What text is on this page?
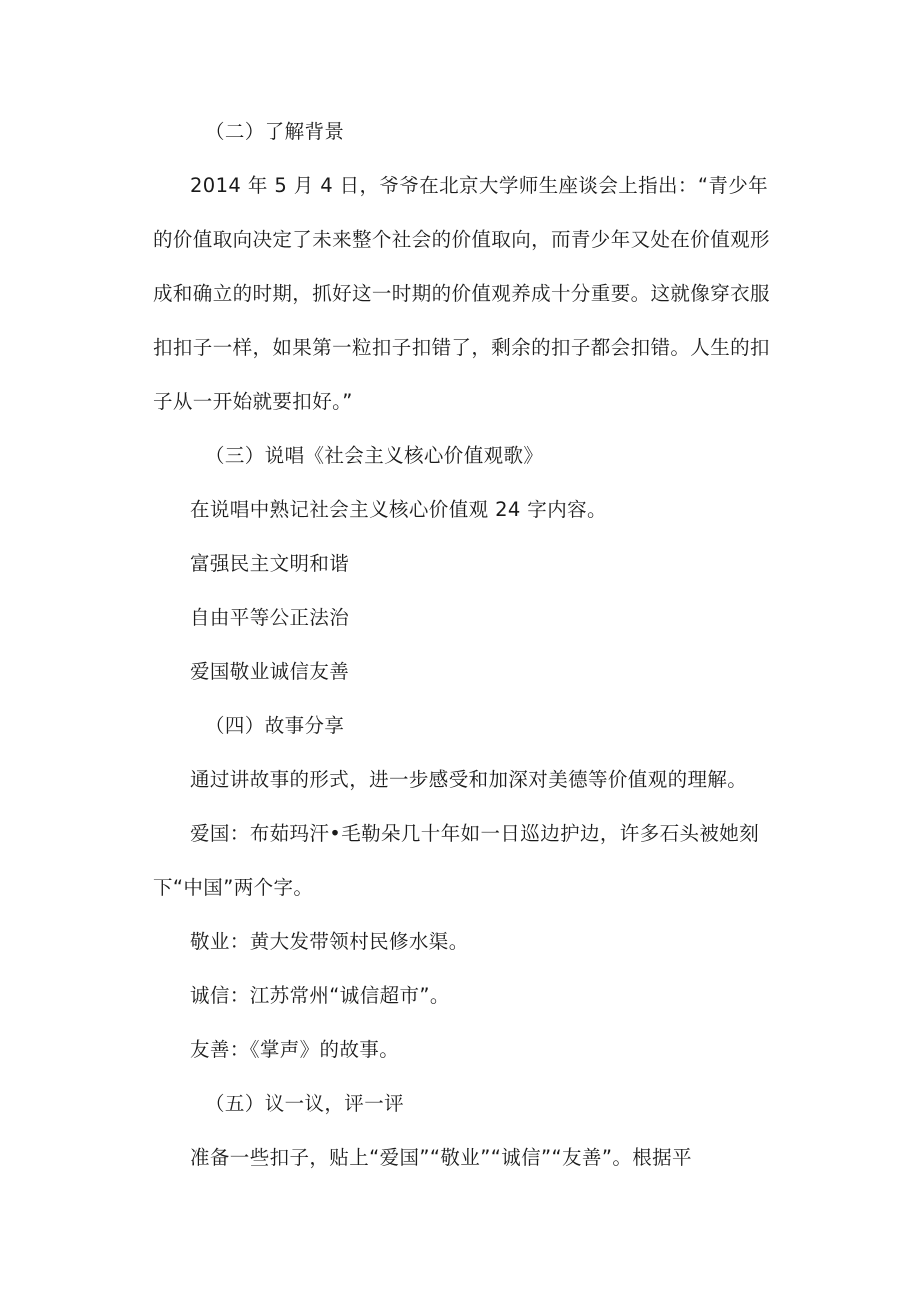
（二）了解背景
2014 年 5 月 4 日，爷爷在北京大学师生座谈会上指出：“青少年
的价值取向决定了未来整个社会的价值取向，而青少年又处在价值观形
成和确立的时期，抓好这一时期的价值观养成十分重要。这就像穿衣服
扣扣子一样，如果第一粒扣子扣错了，剩余的扣子都会扣错。人生的扣
子从一开始就要扣好。”
（三）说唱《社会主义核心价值观歌》
在说唱中熟记社会主义核心价值观 24 字内容。
富强民主文明和谐
自由平等公正法治
爱国敬业诚信友善
（四）故事分享
通过讲故事的形式，进一步感受和加深对美德等价值观的理解。
爱国：布茹玛汗•毛勒朵几十年如一日巡边护边，许多石头被她刻
下“中国”两个字。
敬业：黄大发带领村民修水渠。
诚信：江苏常州“诚信超市”。
友善：《掌声》的故事。
（五）议一议，评一评
准备一些扣子，贴上“爱国”“敬业”“诚信”“友善”。根据平
